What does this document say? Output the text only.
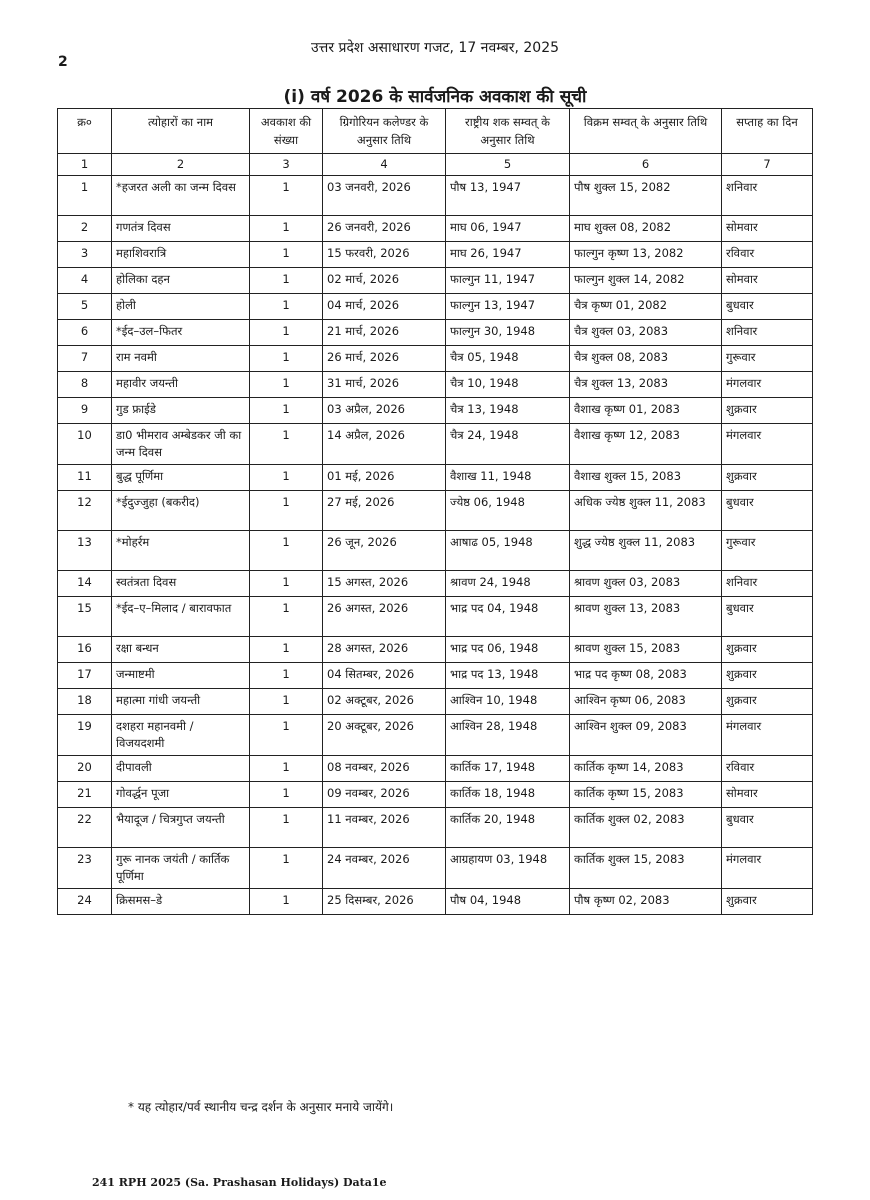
2
उत्तर प्रदेश असाधारण गजट, 17 नवम्बर, 2025
(i) वर्ष 2026 के सार्वजनिक अवकाश की सूची
क्र०	त्योहारों का नाम	अवकाश की संख्या	ग्रिगोरियन कलेण्डर के अनुसार तिथि	राष्ट्रीय शक सम्वत् के अनुसार तिथि	विक्रम सम्वत् के अनुसार तिथि	सप्ताह का दिन
1	2	3	4	5	6	7
1	*हजरत अली का जन्म दिवस	1	03 जनवरी, 2026	पौष 13, 1947	पौष शुक्ल 15, 2082	शनिवार
2	गणतंत्र दिवस	1	26 जनवरी, 2026	माघ 06, 1947	माघ शुक्ल 08, 2082	सोमवार
3	महाशिवरात्रि	1	15 फरवरी, 2026	माघ 26, 1947	फाल्गुन कृष्ण 13, 2082	रविवार
4	होलिका दहन	1	02 मार्च, 2026	फाल्गुन 11, 1947	फाल्गुन शुक्ल 14, 2082	सोमवार
5	होली	1	04 मार्च, 2026	फाल्गुन 13, 1947	चैत्र कृष्ण 01, 2082	बुधवार
6	*ईद–उल–फितर	1	21 मार्च, 2026	फाल्गुन 30, 1948	चैत्र शुक्ल 03, 2083	शनिवार
7	राम नवमी	1	26 मार्च, 2026	चैत्र 05, 1948	चैत्र शुक्ल 08, 2083	गुरूवार
8	महावीर जयन्ती	1	31 मार्च, 2026	चैत्र 10, 1948	चैत्र शुक्ल 13, 2083	मंगलवार
9	गुड फ्राईडे	1	03 अप्रैल, 2026	चैत्र 13, 1948	वैशाख कृष्ण 01, 2083	शुक्रवार
10	डा0 भीमराव अम्बेडकर जी का जन्म दिवस	1	14 अप्रैल, 2026	चैत्र 24, 1948	वैशाख कृष्ण 12, 2083	मंगलवार
11	बुद्ध पूर्णिमा	1	01 मई, 2026	वैशाख 11, 1948	वैशाख शुक्ल 15, 2083	शुक्रवार
12	*ईदुज्जुहा (बकरीद)	1	27 मई, 2026	ज्येष्ठ 06, 1948	अधिक ज्येष्ठ शुक्ल 11, 2083	बुधवार
13	*मोहर्रम	1	26 जून, 2026	आषाढ 05, 1948	शुद्ध ज्येष्ठ शुक्ल 11, 2083	गुरूवार
14	स्वतंत्रता दिवस	1	15 अगस्त, 2026	श्रावण 24, 1948	श्रावण शुक्ल 03, 2083	शनिवार
15	*ईद–ए–मिलाद / बारावफात	1	26 अगस्त, 2026	भाद्र पद 04, 1948	श्रावण शुक्ल 13, 2083	बुधवार
16	रक्षा बन्धन	1	28 अगस्त, 2026	भाद्र पद 06, 1948	श्रावण शुक्ल 15, 2083	शुक्रवार
17	जन्माष्टमी	1	04 सितम्बर, 2026	भाद्र पद 13, 1948	भाद्र पद कृष्ण 08, 2083	शुक्रवार
18	महात्मा गांधी जयन्ती	1	02 अक्टूबर, 2026	आश्विन 10, 1948	आश्विन कृष्ण 06, 2083	शुक्रवार
19	दशहरा महानवमी / विजयदशमी	1	20 अक्टूबर, 2026	आश्विन 28, 1948	आश्विन शुक्ल 09, 2083	मंगलवार
20	दीपावली	1	08 नवम्बर, 2026	कार्तिक 17, 1948	कार्तिक कृष्ण 14, 2083	रविवार
21	गोवर्द्धन पूजा	1	09 नवम्बर, 2026	कार्तिक 18, 1948	कार्तिक कृष्ण 15, 2083	सोमवार
22	भैयादूज / चित्रगुप्त जयन्ती	1	11 नवम्बर, 2026	कार्तिक 20, 1948	कार्तिक शुक्ल 02, 2083	बुधवार
23	गुरू नानक जयंती / कार्तिक पूर्णिमा	1	24 नवम्बर, 2026	आग्रहायण 03, 1948	कार्तिक शुक्ल 15, 2083	मंगलवार
24	क्रिसमस–डे	1	25 दिसम्बर, 2026	पौष 04, 1948	पौष कृष्ण 02, 2083	शुक्रवार
* यह त्योहार/पर्व स्थानीय चन्द्र दर्शन के अनुसार मनाये जायेंगे।
241 RPH 2025 (Sa. Prashasan Holidays) Data1e
